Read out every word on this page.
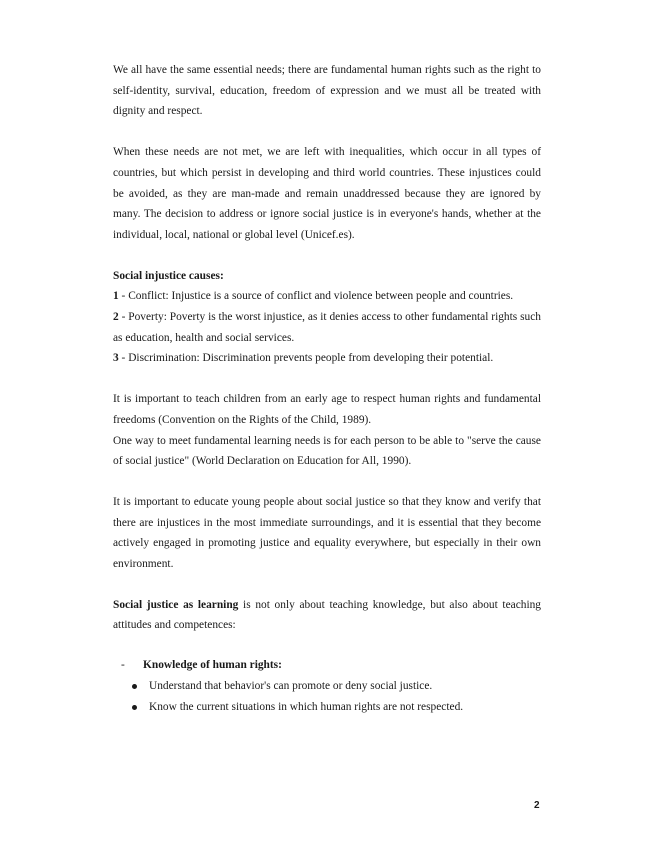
We all have the same essential needs; there are fundamental human rights such as the right to self-identity, survival, education, freedom of expression and we must all be treated with dignity and respect.

When these needs are not met, we are left with inequalities, which occur in all types of countries, but which persist in developing and third world countries. These injustices could be avoided, as they are man-made and remain unaddressed because they are ignored by many. The decision to address or ignore social justice is in everyone's hands, whether at the individual, local, national or global level (Unicef.es).

Social injustice causes:

1 - Conflict: Injustice is a source of conflict and violence between people and countries.

2 - Poverty: Poverty is the worst injustice, as it denies access to other fundamental rights such as education, health and social services.

3 - Discrimination: Discrimination prevents people from developing their potential.

It is important to teach children from an early age to respect human rights and fundamental freedoms (Convention on the Rights of the Child, 1989).

One way to meet fundamental learning needs is for each person to be able to "serve the cause of social justice" (World Declaration on Education for All, 1990).

It is important to educate young people about social justice so that they know and verify that there are injustices in the most immediate surroundings, and it is essential that they become actively engaged in promoting justice and equality everywhere, but especially in their own environment.

Social justice as learning is not only about teaching knowledge, but also about teaching attitudes and competences:

- Knowledge of human rights:

Understand that behavior's can promote or deny social justice.
Know the current situations in which human rights are not respected.
2
